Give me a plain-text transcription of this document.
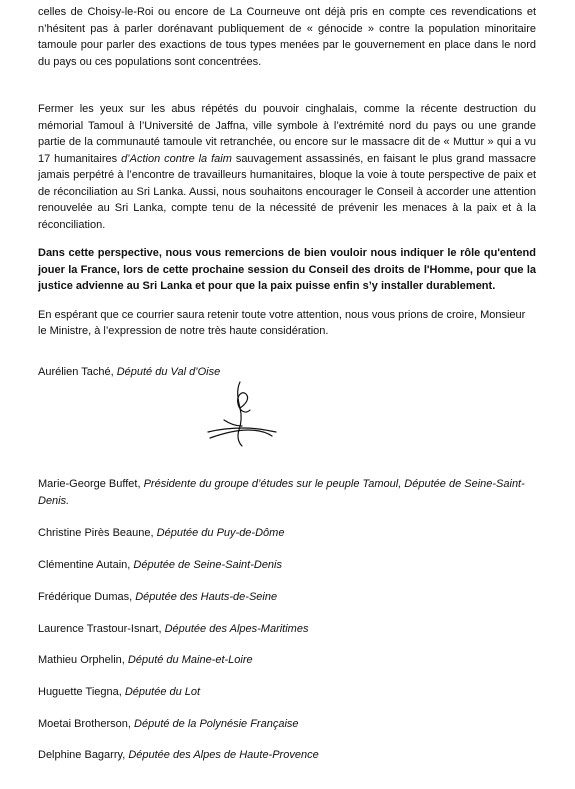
celles de Choisy-le-Roi ou encore de La Courneuve ont déjà pris en compte ces revendications et n’hésitent pas à parler dorénavant publiquement de « génocide » contre la population minoritaire tamoule pour parler des exactions de tous types menées par le gouvernement en place dans le nord du pays ou ces populations sont concentrées.

Fermer les yeux sur les abus répétés du pouvoir cinghalais, comme la récente destruction du mémorial Tamoul à l’Université de Jaffna, ville symbole à l’extrémité nord du pays ou une grande partie de la communauté tamoule vit retranchée, ou encore sur le massacre dit de « Muttur » qui a vu 17 humanitaires d’Action contre la faim sauvagement assassinés, en faisant le plus grand massacre jamais perpétré à l’encontre de travailleurs humanitaires, bloque la voie à toute perspective de paix et de réconciliation au Sri Lanka. Aussi, nous souhaitons encourager le Conseil à accorder une attention renouvelée au Sri Lanka, compte tenu de la nécessité de prévenir les menaces à la paix et à la réconciliation.

Dans cette perspective, nous vous remercions de bien vouloir nous indiquer le rôle qu'entend jouer la France, lors de cette prochaine session du Conseil des droits de l'Homme, pour que la justice advienne au Sri Lanka et pour que la paix puisse enfin s’y installer durablement.

En espérant que ce courrier saura retenir toute votre attention, nous vous prions de croire, Monsieur le Ministre, à l’expression de notre très haute considération.

Aurélien Taché, Député du Val d’Oise
Marie-George Buffet, Présidente du groupe d’études sur le peuple Tamoul, Députée de Seine-Saint-Denis.
Christine Pirès Beaune, Députée du Puy-de-Dôme
Clémentine Autain, Députée de Seine-Saint-Denis
Frédérique Dumas, Députée des Hauts-de-Seine
Laurence Trastour-Isnart, Députée des Alpes-Maritimes
Mathieu Orphelin, Député du Maine-et-Loire
Huguette Tiegna, Députée du Lot
Moetai Brotherson, Député de la Polynésie Française
Delphine Bagarry, Députée des Alpes de Haute-Provence
